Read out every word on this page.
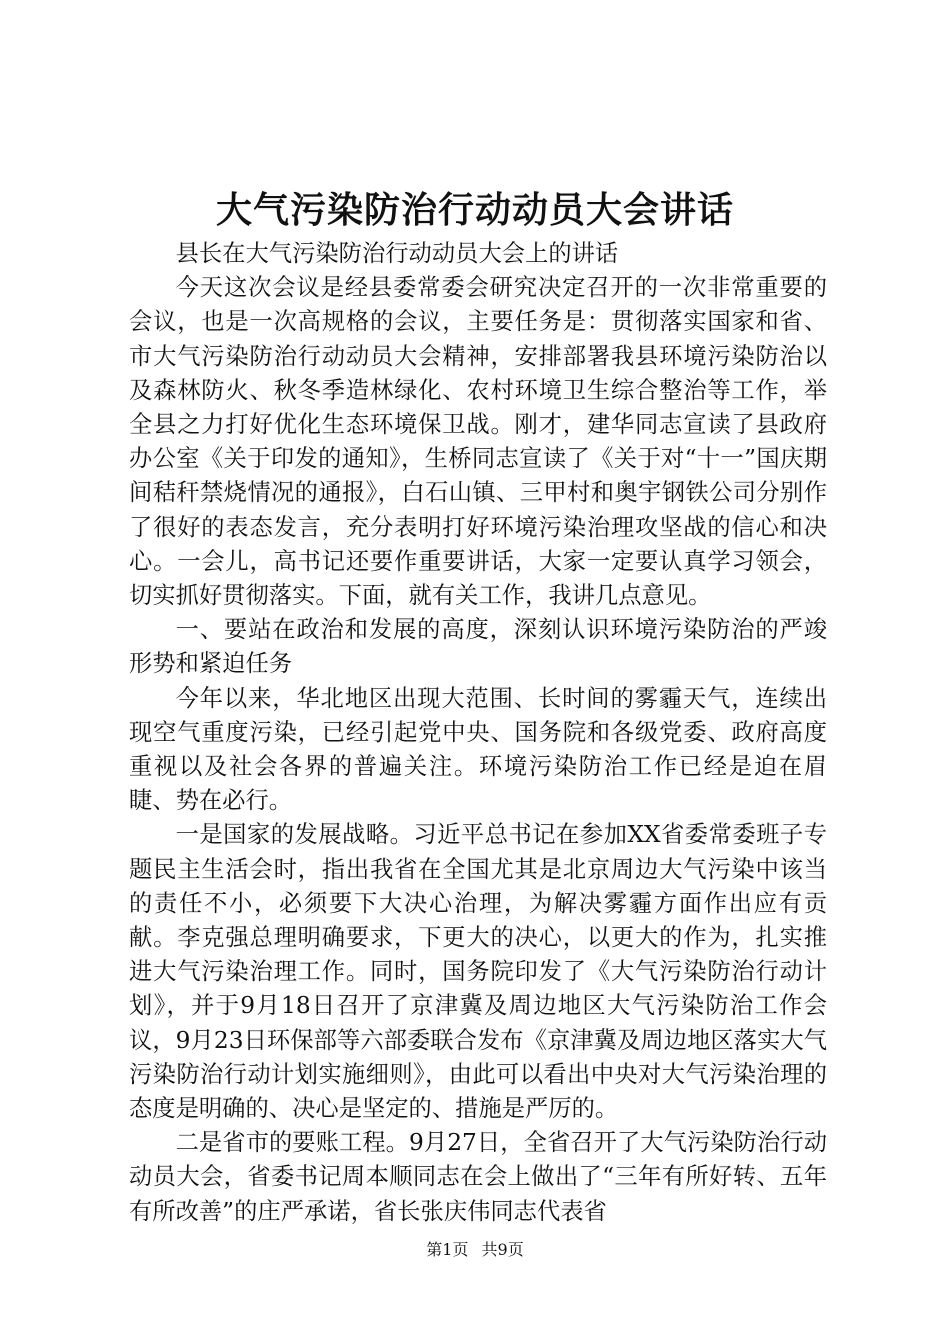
大气污染防治行动动员大会讲话

县长在大气污染防治行动动员大会上的讲话

今天这次会议是经县委常委会研究决定召开的一次非常重要的会议，也是一次高规格的会议，主要任务是：贯彻落实国家和省、市大气污染防治行动动员大会精神，安排部署我县环境污染防治以及森林防火、秋冬季造林绿化、农村环境卫生综合整治等工作，举全县之力打好优化生态环境保卫战。刚才，建华同志宣读了县政府办公室《关于印发的通知》，生桥同志宣读了《关于对“十一”国庆期间秸秆禁烧情况的通报》，白石山镇、三甲村和奥宇钢铁公司分别作了很好的表态发言，充分表明打好环境污染治理攻坚战的信心和决心。一会儿，高书记还要作重要讲话，大家一定要认真学习领会，切实抓好贯彻落实。下面，就有关工作，我讲几点意见。

一、要站在政治和发展的高度，深刻认识环境污染防治的严竣形势和紧迫任务

今年以来，华北地区出现大范围、长时间的雾霾天气，连续出现空气重度污染，已经引起党中央、国务院和各级党委、政府高度重视以及社会各界的普遍关注。环境污染防治工作已经是迫在眉睫、势在必行。

一是国家的发展战略。习近平总书记在参加XX省委常委班子专题民主生活会时，指出我省在全国尤其是北京周边大气污染中该当的责任不小，必须要下大决心治理，为解决雾霾方面作出应有贡献。李克强总理明确要求，下更大的决心，以更大的作为，扎实推进大气污染治理工作。同时，国务院印发了《大气污染防治行动计划》，并于9月18日召开了京津冀及周边地区大气污染防治工作会议，9月23日环保部等六部委联合发布《京津冀及周边地区落实大气污染防治行动计划实施细则》，由此可以看出中央对大气污染治理的态度是明确的、决心是坚定的、措施是严厉的。

二是省市的要账工程。9月27日，全省召开了大气污染防治行动动员大会，省委书记周本顺同志在会上做出了“三年有所好转、五年有所改善”的庄严承诺，省长张庆伟同志代表省

第1页 共9页
